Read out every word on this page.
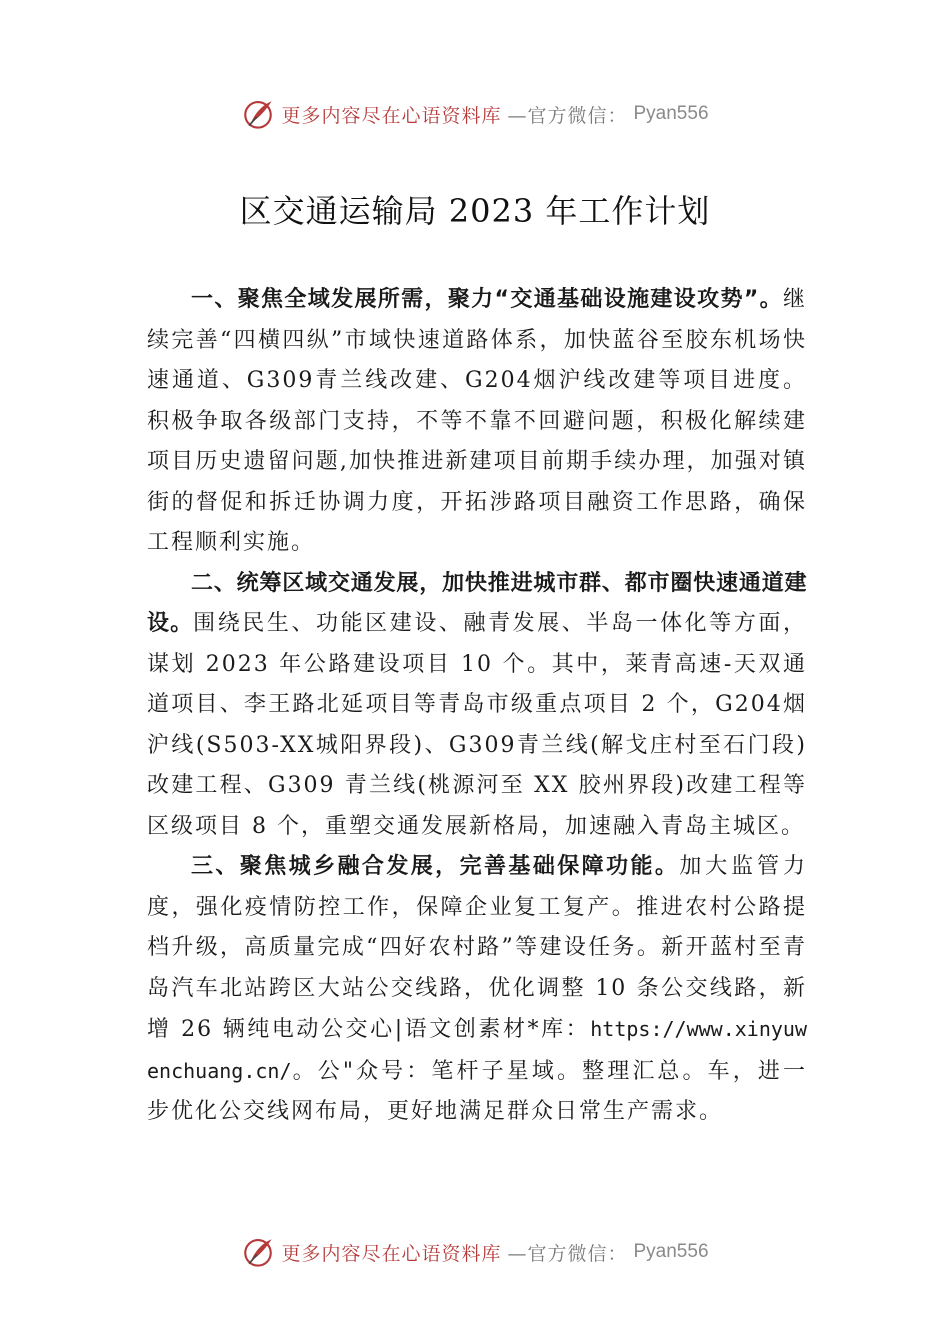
更多内容尽在心语资料库 —官方微信： Pyan556
区交通运输局 2023 年工作计划

一、聚焦全域发展所需，聚力“交通基础设施建设攻势”。继续完善“四横四纵”市域快速道路体系，加快蓝谷至胶东机场快速通道、G309青兰线改建、G204烟沪线改建等项目进度。积极争取各级部门支持，不等不靠不回避问题，积极化解续建项目历史遗留问题,加快推进新建项目前期手续办理，加强对镇街的督促和拆迁协调力度，开拓涉路项目融资工作思路，确保工程顺利实施。

二、统筹区域交通发展，加快推进城市群、都市圈快速通道建设。围绕民生、功能区建设、融青发展、半岛一体化等方面，谋划 2023 年公路建设项目 10 个。其中，莱青高速-天双通道项目、李王路北延项目等青岛市级重点项目 2 个，G204烟沪线(S503-XX城阳界段)、G309青兰线(解戈庄村至石门段)改建工程、G309 青兰线(桃源河至 XX 胶州界段)改建工程等区级项目 8 个，重塑交通发展新格局，加速融入青岛主城区。

三、聚焦城乡融合发展，完善基础保障功能。加大监管力度，强化疫情防控工作，保障企业复工复产。推进农村公路提档升级，高质量完成“四好农村路”等建设任务。新开蓝村至青岛汽车北站跨区大站公交线路，优化调整 10 条公交线路，新增 26 辆纯电动公交心|语文创素材*库：https://www.xinyuwenchuang.cn/。公"众号：笔杆子星域。整理汇总。车，进一步优化公交线网布局，更好地满足群众日常生产需求。

更多内容尽在心语资料库 —官方微信： Pyan556
